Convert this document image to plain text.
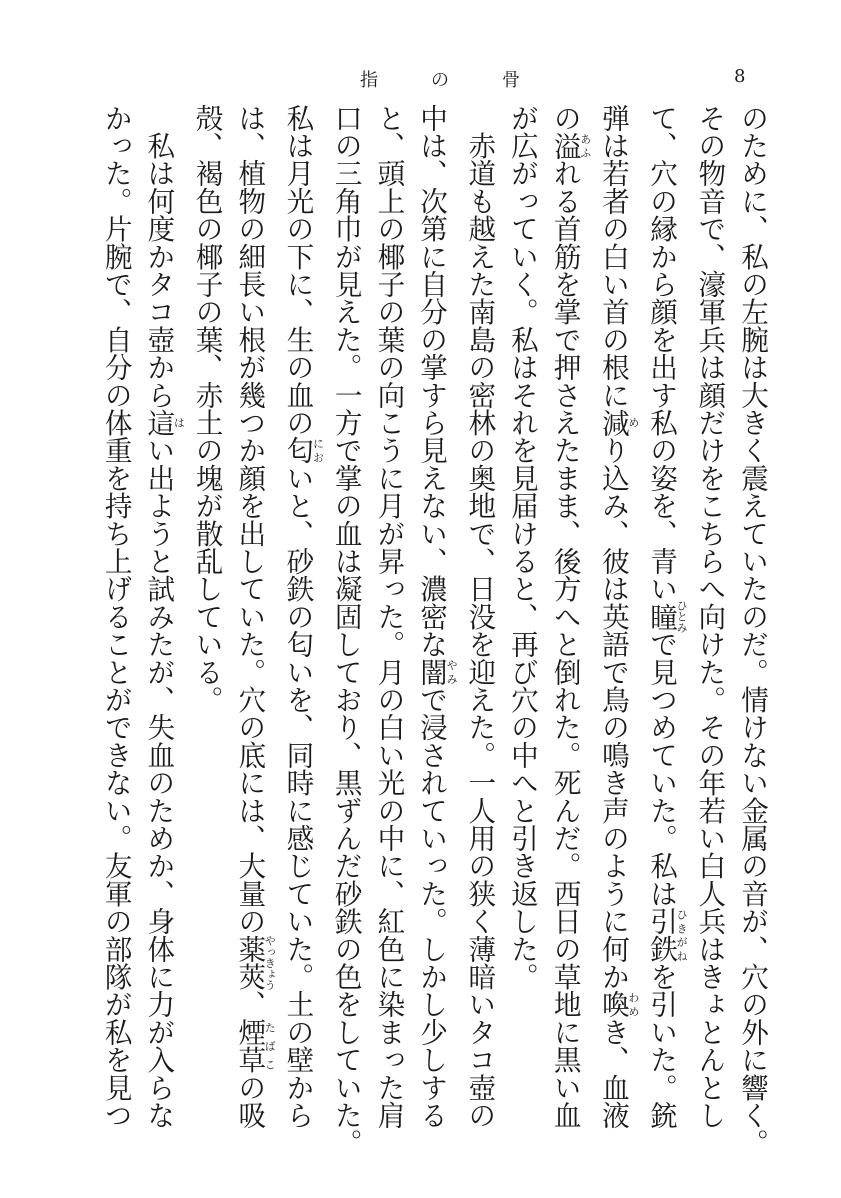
指	の	骨	8
のために、私の左腕は大きく震えていたのだ。情けない金属の音が、穴の外に響く。
その物音で、濠軍兵は顔だけをこちらへ向けた。その年若い白人兵はきょとんとし
て、穴の縁から顔を出す私の姿を、青い瞳ひとみで見つめていた。私は引鉄ひきがねを引いた。銃
弾は若者の白い首の根に減めり込み、彼は英語で鳥の鳴き声のように何か喚わめき、血液
の溢あふれる首筋を掌で押さえたまま、後方へと倒れた。死んだ。西日の草地に黒い血
が広がっていく。私はそれを見届けると、再び穴の中へと引き返した。
　赤道も越えた南島の密林の奥地で、日没を迎えた。一人用の狭く薄暗いタコ壺の
中は、次第に自分の掌すら見えない、濃密な闇やみで浸されていった。しかし少しする
と、頭上の椰子の葉の向こうに月が昇った。月の白い光の中に、紅色に染まった肩
口の三角巾が見えた。一方で掌の血は凝固しており、黒ずんだ砂鉄の色をしていた。
私は月光の下に、生の血の匂においと、砂鉄の匂いを、同時に感じていた。土の壁から
は、植物の細長い根が幾つか顔を出していた。穴の底には、大量の薬莢やっきょう、煙草たばこの吸
殻、褐色の椰子の葉、赤土の塊が散乱している。
　私は何度かタコ壺から這はい出ようと試みたが、失血のためか、身体に力が入らな
かった。片腕で、自分の体重を持ち上げることができない。友軍の部隊が私を見つ
